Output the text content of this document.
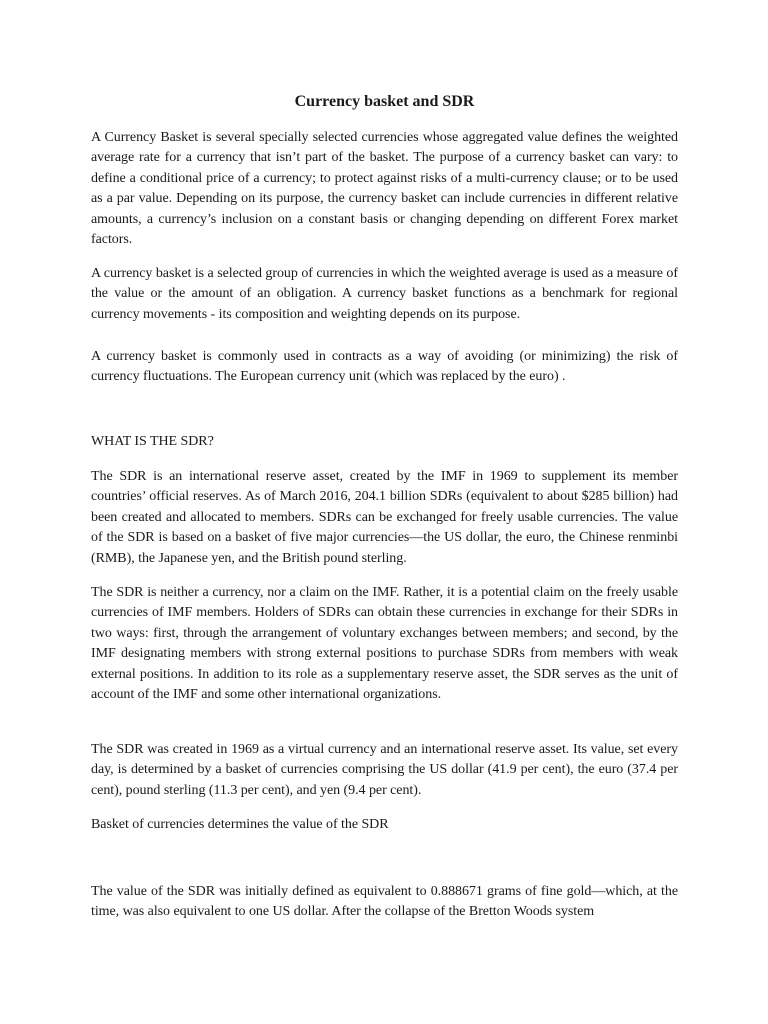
Currency basket and SDR

A Currency Basket is several specially selected currencies whose aggregated value defines the weighted average rate for a currency that isn’t part of the basket. The purpose of a currency basket can vary: to define a conditional price of a currency; to protect against risks of a multi-currency clause; or to be used as a par value. Depending on its purpose, the currency basket can include currencies in different relative amounts, a currency’s inclusion on a constant basis or changing depending on different Forex market factors.

A currency basket is a selected group of currencies in which the weighted average is used as a measure of the value or the amount of an obligation. A currency basket functions as a benchmark for regional currency movements - its composition and weighting depends on its purpose.

A currency basket is commonly used in contracts as a way of avoiding (or minimizing) the risk of currency fluctuations. The European currency unit (which was replaced by the euro) .

WHAT IS THE SDR?

The SDR is an international reserve asset, created by the IMF in 1969 to supplement its member countries’ official reserves. As of March 2016, 204.1 billion SDRs (equivalent to about $285 billion) had been created and allocated to members. SDRs can be exchanged for freely usable currencies. The value of the SDR is based on a basket of five major currencies—the US dollar, the euro, the Chinese renminbi (RMB), the Japanese yen, and the British pound sterling.

The SDR is neither a currency, nor a claim on the IMF. Rather, it is a potential claim on the freely usable currencies of IMF members. Holders of SDRs can obtain these currencies in exchange for their SDRs in two ways: first, through the arrangement of voluntary exchanges between members; and second, by the IMF designating members with strong external positions to purchase SDRs from members with weak external positions. In addition to its role as a supplementary reserve asset, the SDR serves as the unit of account of the IMF and some other international organizations.

The SDR was created in 1969 as a virtual currency and an international reserve asset. Its value, set every day, is determined by a basket of currencies comprising the US dollar (41.9 per cent), the euro (37.4 per cent), pound sterling (11.3 per cent), and yen (9.4 per cent).

Basket of currencies determines the value of the SDR

The value of the SDR was initially defined as equivalent to 0.888671 grams of fine gold—which, at the time, was also equivalent to one US dollar. After the collapse of the Bretton Woods system
